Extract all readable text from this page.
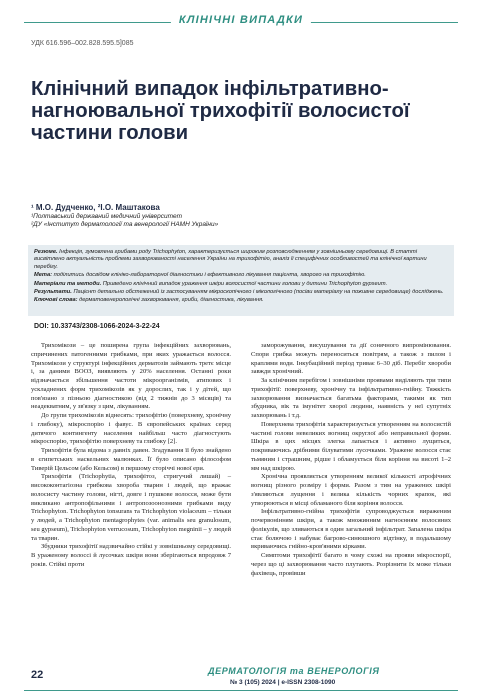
КЛІНІЧНІ ВИПАДКИ
УДК 616.596–002.828.595.5]085
Клінічний випадок інфільтративно-нагноювальної трихофітії волосистої частини голови
¹ М.О. Дудченко, ²І.О. Маштакова
¹Полтавський державний медичний університет
²ДУ «Інститут дерматології та венерології НАМН України»

Резюме. Інфекція, зумовлена грибами роду Trichophyton, характеризується широким розповсюдженням у зовнішньому середовищі. В статті висвітлено актуальність проблеми захворюваності населення України на трихофітію, аналіз її специфічних особливостей та клінічної картини перебігу.

Мета: поділитись досвідом клініко-лабораторної діагностики і ефективного лікування пацієнта, хворого на трихофітію.

Матеріали та методи. Приведено клінічний випадок ураження шкіри волосистої частини голови у дитини Trichophyton gypseum.

Результати. Пацієнт детально обстежений із застосуванням мікроскопічного і мікологічного (посіви матеріалу на поживне середовище) досліджень.

Ключові слова: дерматовенерологічні захворювання, гриби, діагностика, лікування.

DOI: 10.33743/2308-1066-2024-3-22-24

Трихомікози – це поширена група інфекційних захворювань, спричинених патогенними грибками, при яких уражається волосся. Трихомікози у структурі інфекційних дерматозів займають третє місце і, за даними ВООЗ, виявляють у 20% населення. Останні роки відзначається збільшення частоти мікроорганізмів, атипових і ускладнених форм трихомікозів як у дорослих, так і у дітей, що пов'язано з пізньою діагностикою (від 2 тижнів до 3 місяців) та неадекватним, у зв'язку з цим, лікуванням.

До групи трихомікозів віднесять: трихофітію (поверхневу, хронічну і глибоку), мікроспорію і фавус. В європейських країнах серед дитячого контингенту населення найбільш часто діагностують мікроспорію, трихофітію поверхневу та глибоку [2].

Трихофітія була відома з давніх давен. Згадування її було знайдено в єгипетських наскельних малюнках. Її було описано філософом Тиверій Цельсом (або Кельсом) в першому сторіччі нової ери.

Трихофітія (Trichophytia, трихофітоз, стригучий лишай) – висококонтагіозна грибкова хвороба тварин і людей, що вражає волосисту частину голови, нігті, довге і пушкове волосся, може бути викликано антропофільними і антропозоонозними грибками виду Trichophyton. Trichophyton tonsurans та Trichophyton violaceum – тільки у людей, а Trichophyton mentagrophytes (var. animalis seu granulosum, seu gypseum), Trichophyton verrucosum, Trichophyton megninii – у людей та тварин.

Збудники трихофітії надзвичайно стійкі у зовнішньому середовищі. В ураженому волоссі й лусочках шкіри вони зберігаються впродовж 7 років. Стійкі проти

заморожування, висушування та дії сонячного випромінювання. Спори грибка можуть переноситься повітрям, а також з пилом і краплями води. Інкубаційний період триває 6–30 діб. Перебіг хвороби завжди хронічний.

За клінічним перебігом і зовнішніми проявами виділяють три типи трихофітії: поверхневу, хронічну та інфільтративно-гнійну. Тяжкість захворювання визначається багатьма факторами, такими як тип збудника, вік та імунітет хворої людини, наявність у неї супутніх захворювань і т.д.

Поверхнева трихофітія характеризується утворенням на волосистій частині голови невеликих вогнищ округлої або неправильної форми. Шкіра в цих місцях злегка лапається і активно лущиться, покриваючись дрібними білуватими лусочками. Уражене волосся стає тьмяним і страшним, рідше і обламується біля коріння на висоті 1–2 мм над шкірою.

Хронічна проявляється утворенням великої кількості атрофічних вогнищ різного розміру і форми. Разом з тим на уражених шкірі з'являються лущення і велика кількість чорних крапок, які утворюються в місці обламаного біля коріння волосся.

Інфільтративно-гнійна трихофітія супроводжується вираженим почервонінням шкіри, а також множинним нагноєнням волосяних фолікулів, що зливаються в один загальний інфільтрат. Запалена шкіра стає болючою і набуває багрово-синюшного відтінку, в подальшому вкриваючись гнійно-кров'яними кірками.

Симптоми трихофітії багато в чому схожі на прояви мікроспорії, через що ці захворювання часто плутають. Розрізнити їх може тільки фахівець, провівши

22	ДЕРМАТОЛОГІЯ та ВЕНЕРОЛОГІЯ
№ 3 (105) 2024 | e-ISSN 2308-1090
